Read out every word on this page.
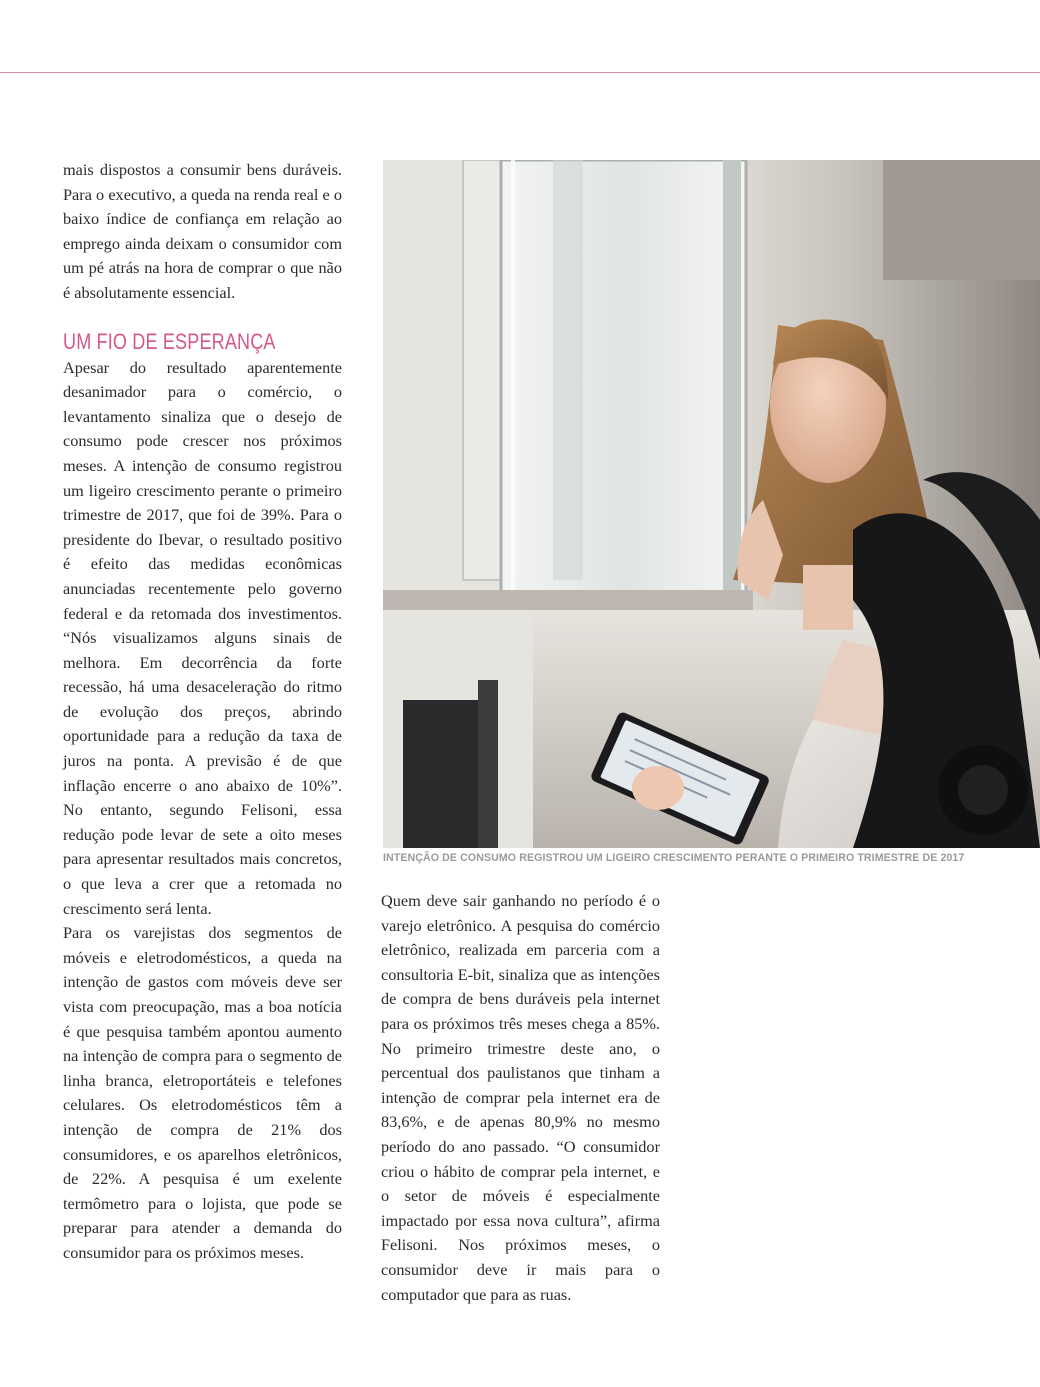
mais dispostos a consumir bens duráveis. Para o executivo, a queda na renda real e o baixo índice de confiança em relação ao emprego ainda deixam o consumidor com um pé atrás na hora de comprar o que não é absolutamente essencial.

UM FIO DE ESPERANÇA

Apesar do resultado aparentemente desanimador para o comércio, o levantamento sinaliza que o desejo de consumo pode crescer nos próximos meses. A intenção de consumo registrou um ligeiro crescimento perante o primeiro trimestre de 2017, que foi de 39%. Para o presidente do Ibevar, o resultado positivo é efeito das medidas econômicas anunciadas recentemente pelo governo federal e da retomada dos investimentos. “Nós visualizamos alguns sinais de melhora. Em decorrência da forte recessão, há uma desaceleração do ritmo de evolução dos preços, abrindo oportunidade para a redução da taxa de juros na ponta. A previsão é de que inflação encerre o ano abaixo de 10%”. No entanto, segundo Felisoni, essa redução pode levar de sete a oito meses para apresentar resultados mais concretos, o que leva a crer que a retomada no crescimento será lenta.

Para os varejistas dos segmentos de móveis e eletrodomésticos, a queda na intenção de gastos com móveis deve ser vista com preocupação, mas a boa notícia é que pesquisa também apontou aumento na intenção de compra para o segmento de linha branca, eletroportáteis e telefones celulares. Os eletrodomésticos têm a intenção de compra de 21% dos consumidores, e os aparelhos eletrônicos, de 22%. A pesquisa é um exelente termômetro para o lojista, que pode se preparar para atender a demanda do consumidor para os próximos meses.

INTENÇÃO DE CONSUMO REGISTROU UM LIGEIRO CRESCIMENTO PERANTE O PRIMEIRO TRIMESTRE DE 2017

Quem deve sair ganhando no período é o varejo eletrônico. A pesquisa do comércio eletrônico, realizada em parceria com a consultoria E-bit, sinaliza que as intenções de compra de bens duráveis pela internet para os próximos três meses chega a 85%. No primeiro trimestre deste ano, o percentual dos paulistanos que tinham a intenção de comprar pela internet era de 83,6%, e de apenas 80,9% no mesmo período do ano passado. “O consumidor criou o hábito de comprar pela internet, e o setor de móveis é especialmente impactado por essa nova cultura”, afirma Felisoni. Nos próximos meses, o consumidor deve ir mais para o computador que para as ruas.
